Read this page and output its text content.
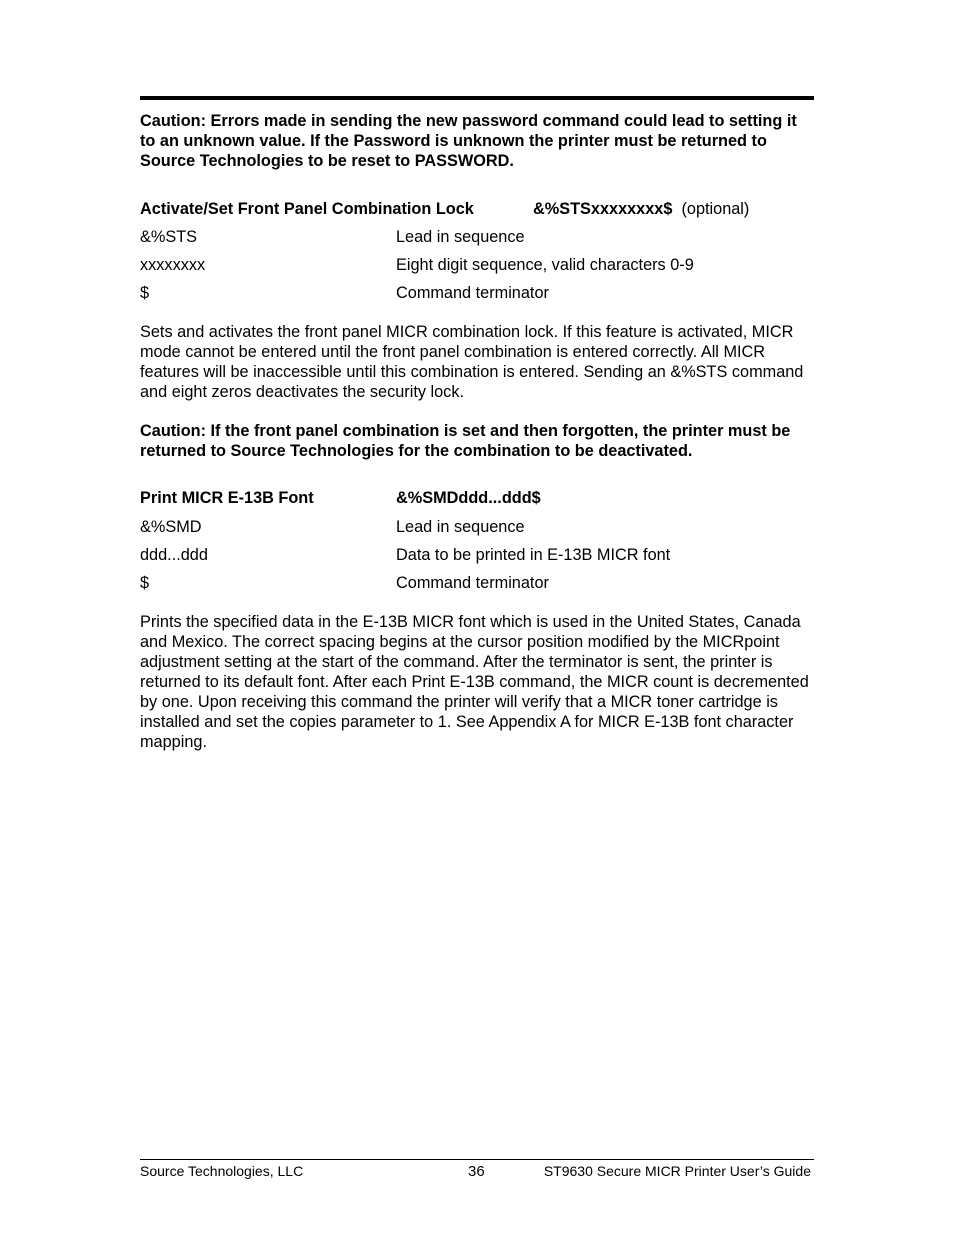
Caution: Errors made in sending the new password command could lead to setting it to an unknown value. If the Password is unknown the printer must be returned to Source Technologies to be reset to PASSWORD.
Activate/Set Front Panel Combination Lock	&%STSxxxxxxxx$ (optional)
&%STS	Lead in sequence
xxxxxxxx	Eight digit sequence, valid characters 0-9
$	Command terminator
Sets and activates the front panel MICR combination lock. If this feature is activated, MICR mode cannot be entered until the front panel combination is entered correctly. All MICR features will be inaccessible until this combination is entered. Sending an &%STS command and eight zeros deactivates the security lock.
Caution: If the front panel combination is set and then forgotten, the printer must be returned to Source Technologies for the combination to be deactivated.
Print MICR E-13B Font	&%SMDddd...ddd$
&%SMD	Lead in sequence
ddd...ddd	Data to be printed in E-13B MICR font
$	Command terminator
Prints the specified data in the E-13B MICR font which is used in the United States, Canada and Mexico. The correct spacing begins at the cursor position modified by the MICRpoint adjustment setting at the start of the command. After the terminator is sent, the printer is returned to its default font. After each Print E-13B command, the MICR count is decremented by one. Upon receiving this command the printer will verify that a MICR toner cartridge is installed and set the copies parameter to 1. See Appendix A for MICR E-13B font character mapping.
Source Technologies, LLC	36	ST9630 Secure MICR Printer User’s Guide
